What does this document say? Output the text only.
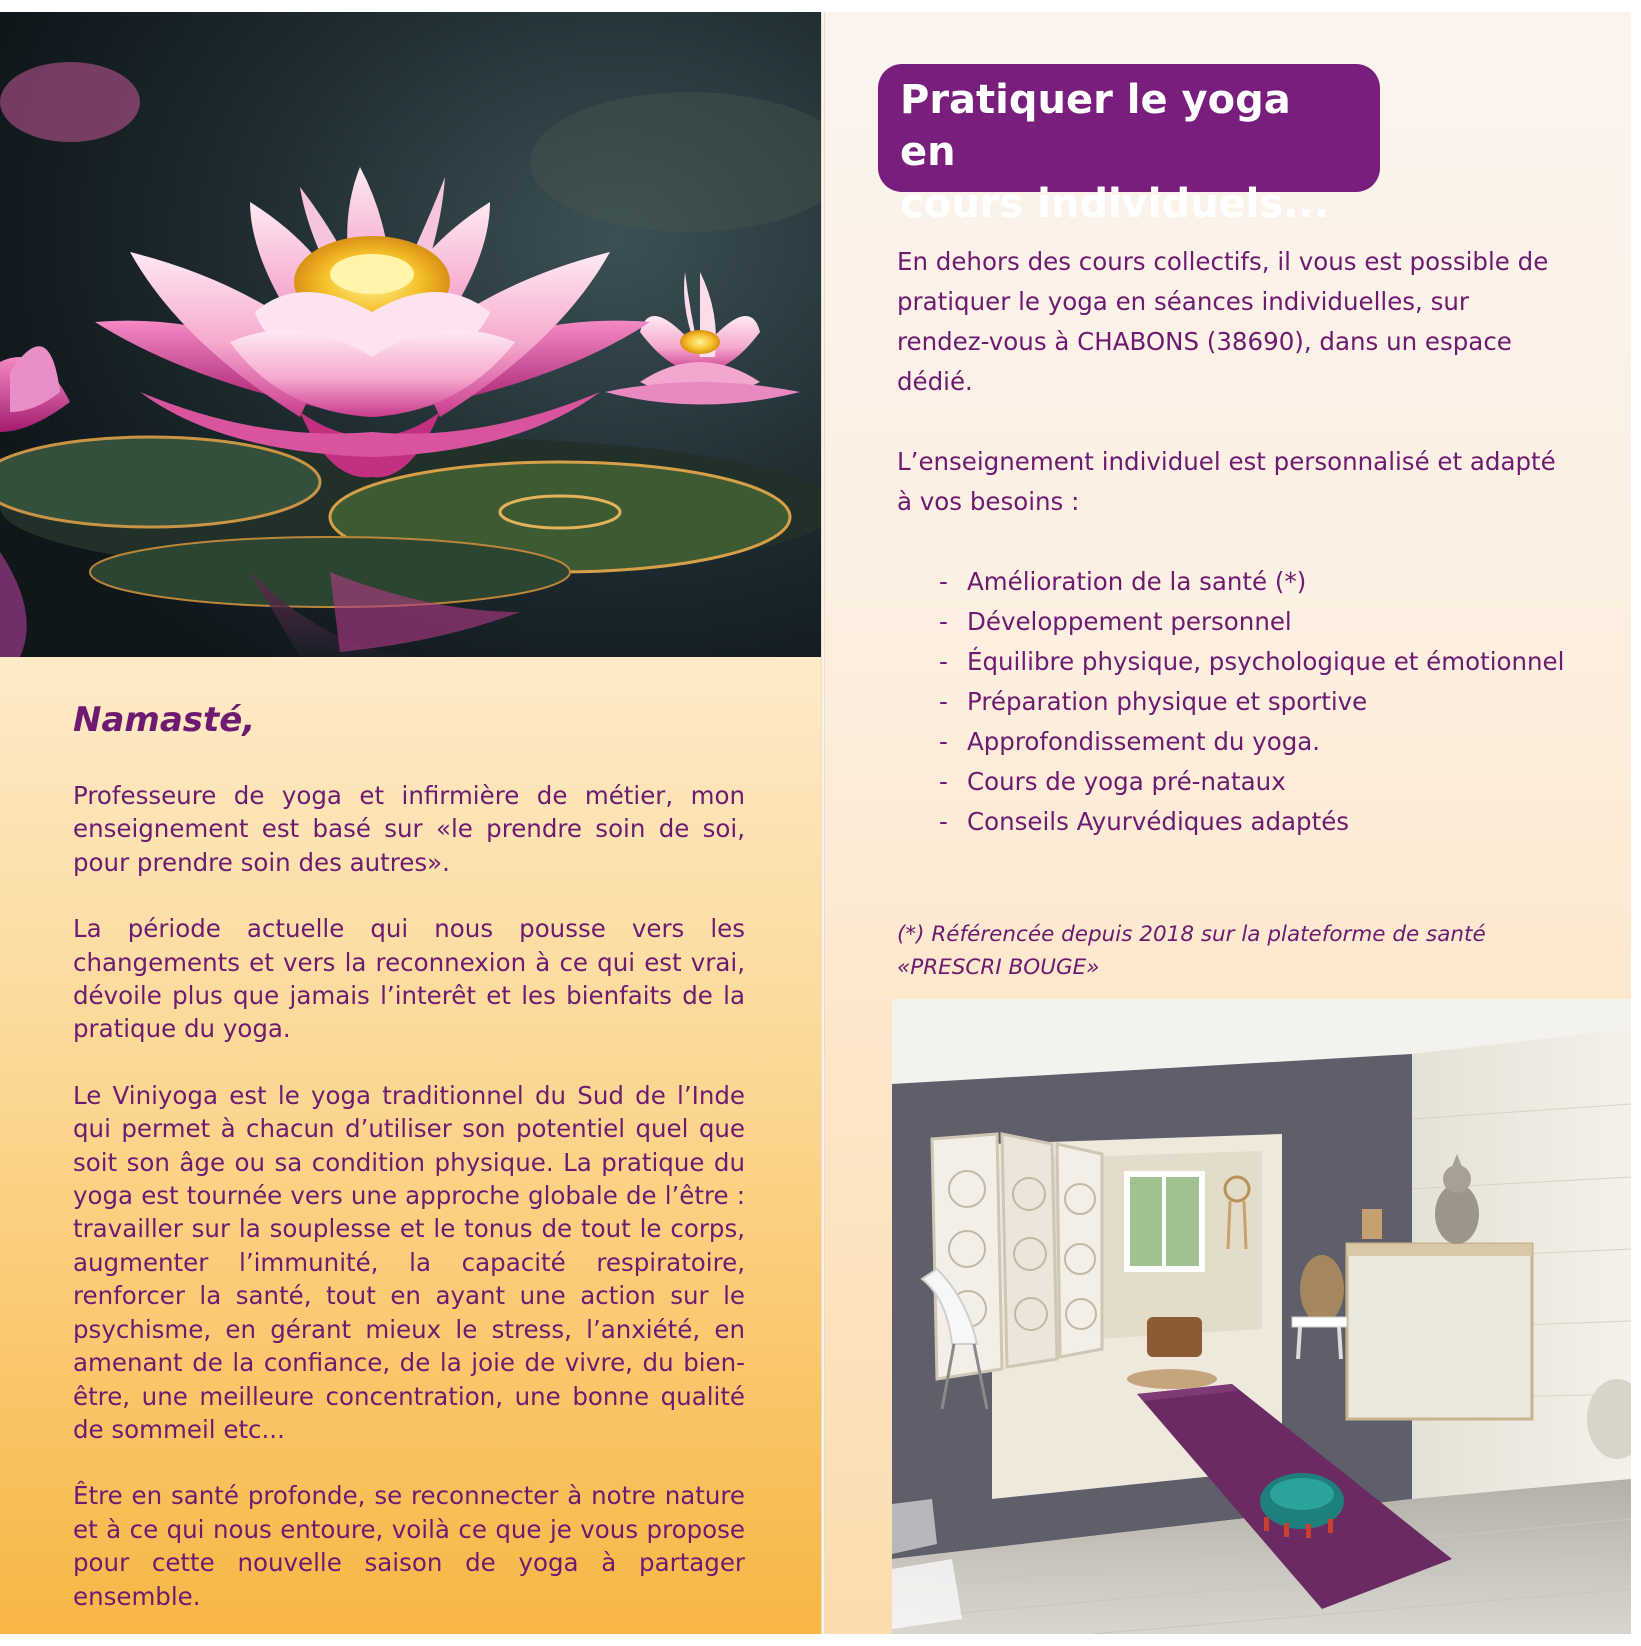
Namasté,

Professeure de yoga et infirmière de métier, mon enseignement est basé sur «le prendre soin de soi, pour prendre soin des autres».

La période actuelle qui nous pousse vers les changements et vers la reconnexion à ce qui est vrai, dévoile plus que jamais l’interêt et les bienfaits de la pratique du yoga.

Le Viniyoga est le yoga traditionnel du Sud de l’Inde qui permet à chacun d’utiliser son potentiel quel que soit son âge ou sa condition physique. La pratique du yoga est tournée vers une approche globale de l’être : travailler sur la souplesse et le tonus de tout le corps, augmenter l’immunité, la capacité respiratoire, renforcer la santé, tout en ayant une action sur le psychisme, en gérant mieux le stress, l’anxiété, en amenant de la confiance, de la joie de vivre, du bien-être, une meilleure concentration, une bonne qualité de sommeil etc...

Être en santé profonde, se reconnecter à notre nature et à ce qui nous entoure, voilà ce que je vous propose pour cette nouvelle saison de yoga à partager ensemble.

Pratiquer le yoga en
cours individuels...

En dehors des cours collectifs, il vous est possible de pratiquer le yoga en séances individuelles, sur rendez-vous à CHABONS (38690), dans un espace dédié.

L’enseignement individuel est personnalisé et adapté à vos besoins :

- Amélioration de la santé (*)
- Développement personnel
- Équilibre physique, psychologique et émotionnel
- Préparation physique et sportive
- Approfondissement du yoga.
- Cours de yoga pré-nataux
- Conseils Ayurvédiques adaptés
(*) Référencée depuis 2018 sur la plateforme de santé
«PRESCRI BOUGE»
